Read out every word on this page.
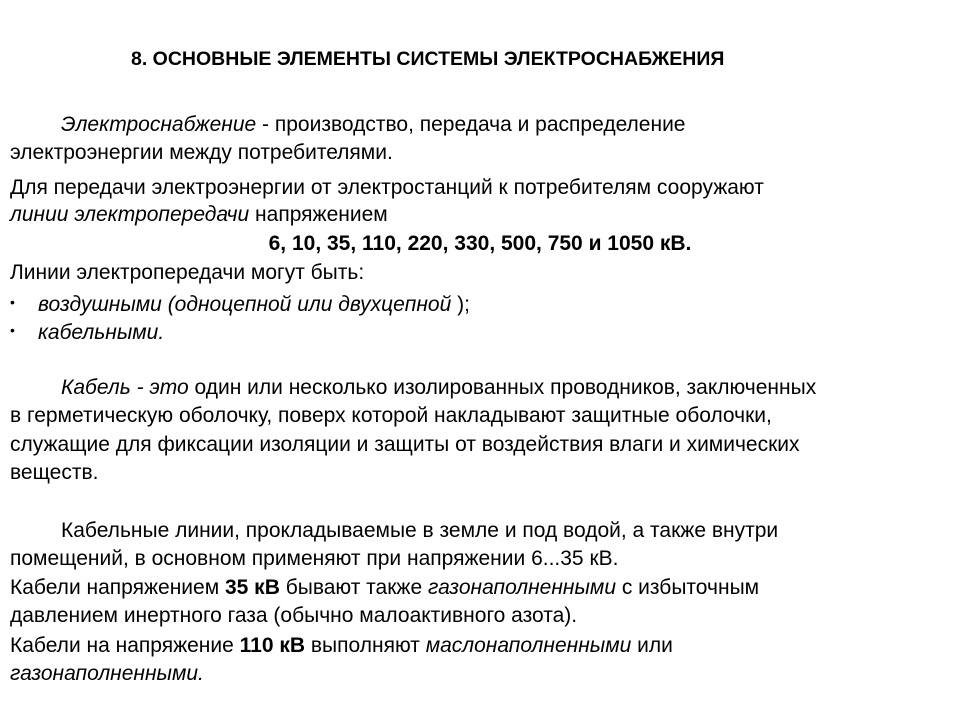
8. ОСНОВНЫЕ ЭЛЕМЕНТЫ СИСТЕМЫ ЭЛЕКТРОСНАБЖЕНИЯ
Электроснабжение - производство, передача и распределение
электроэнергии между потребителями.
Для передачи электроэнергии от электростанций к потребителям сооружают
линии электропередачи напряжением
6, 10, 35, 110, 220, 330, 500, 750 и 1050 кВ.
Линии электропередачи могут быть:
• воздушными (одноцепной или двухцепной );
• кабельными.
Кабель - это один или несколько изолированных проводников, заключенных
в герметическую оболочку, поверх которой накладывают защитные оболочки,
служащие для фиксации изоляции и защиты от воздействия влаги и химических
веществ.
Кабельные линии, прокладываемые в земле и под водой, а также внутри
помещений, в основном применяют при напряжении 6...35 кВ.
Кабели напряжением 35 кВ бывают также газонаполненными с избыточным
давлением инертного газа (обычно малоактивного азота).
Кабели на напряжение 110 кВ выполняют маслонаполненными или
газонаполненными.
